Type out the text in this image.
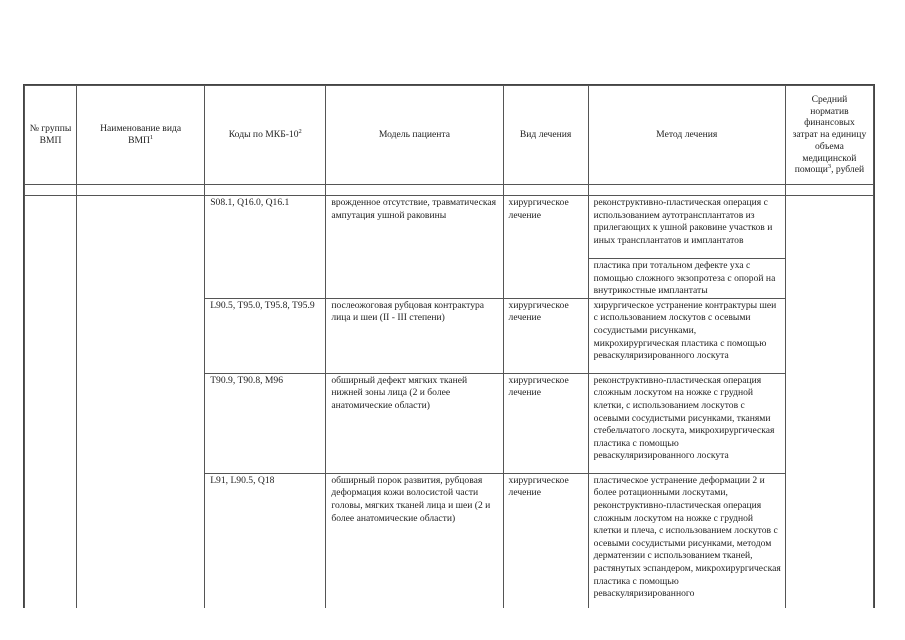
№ группы ВМП	Наименование вида ВМП$^1$	Коды по МКБ-$10^2$	Модель пациента	Вид лечения	Метод лечения	Средний норматив финансовых затрат на единицу объема медицинской помощи$^3$, рублей

		S08.1, Q16.0, Q16.1	врожденное отсутствие, травматическая ампутация ушной раковины	хирургическое лечение	реконструктивно-пластическая операция с использованием аутотрансплантатов из прилегающих к ушной раковине участков и иных трансплантатов и имплантатов
пластика при тотальном дефекте уха с помощью сложного экзопротеза с опорой на внутрикостные имплантаты	

		L90.5, T95.0, T95.8, T95.9	послеожоговая рубцовая контрактура лица и шеи (II - III степени)	хирургическое лечение	хирургическое устранение контрактуры шеи с использованием лоскутов с осевыми сосудистыми рисунками, микрохирургическая пластика с помощью реваскуляризированного лоскута	
		T90.9, T90.8, M96	обширный дефект мягких тканей нижней зоны лица (2 и более анатомические области)	хирургическое лечение	реконструктивно-пластическая операция сложным лоскутом на ножке с грудной клетки, с использованием лоскутов с осевыми сосудистыми рисунками, тканями стебельчатого лоскута, микрохирургическая пластика с помощью реваскуляризированного лоскута	
		L91, L90.5, Q18	обширный порок развития, рубцовая деформация кожи волосистой части головы, мягких тканей лица и шеи (2 и более анатомические области)	хирургическое лечение	пластическое устранение деформации 2 и более ротационными лоскутами, реконструктивно-пластическая операция сложным лоскутом на ножке с грудной клетки и плеча, с использованием лоскутов с осевыми сосудистыми рисунками, методом дерматензии с использованием тканей, растянутых эспандером, микрохирургическая пластика с помощью реваскуляризированного	
